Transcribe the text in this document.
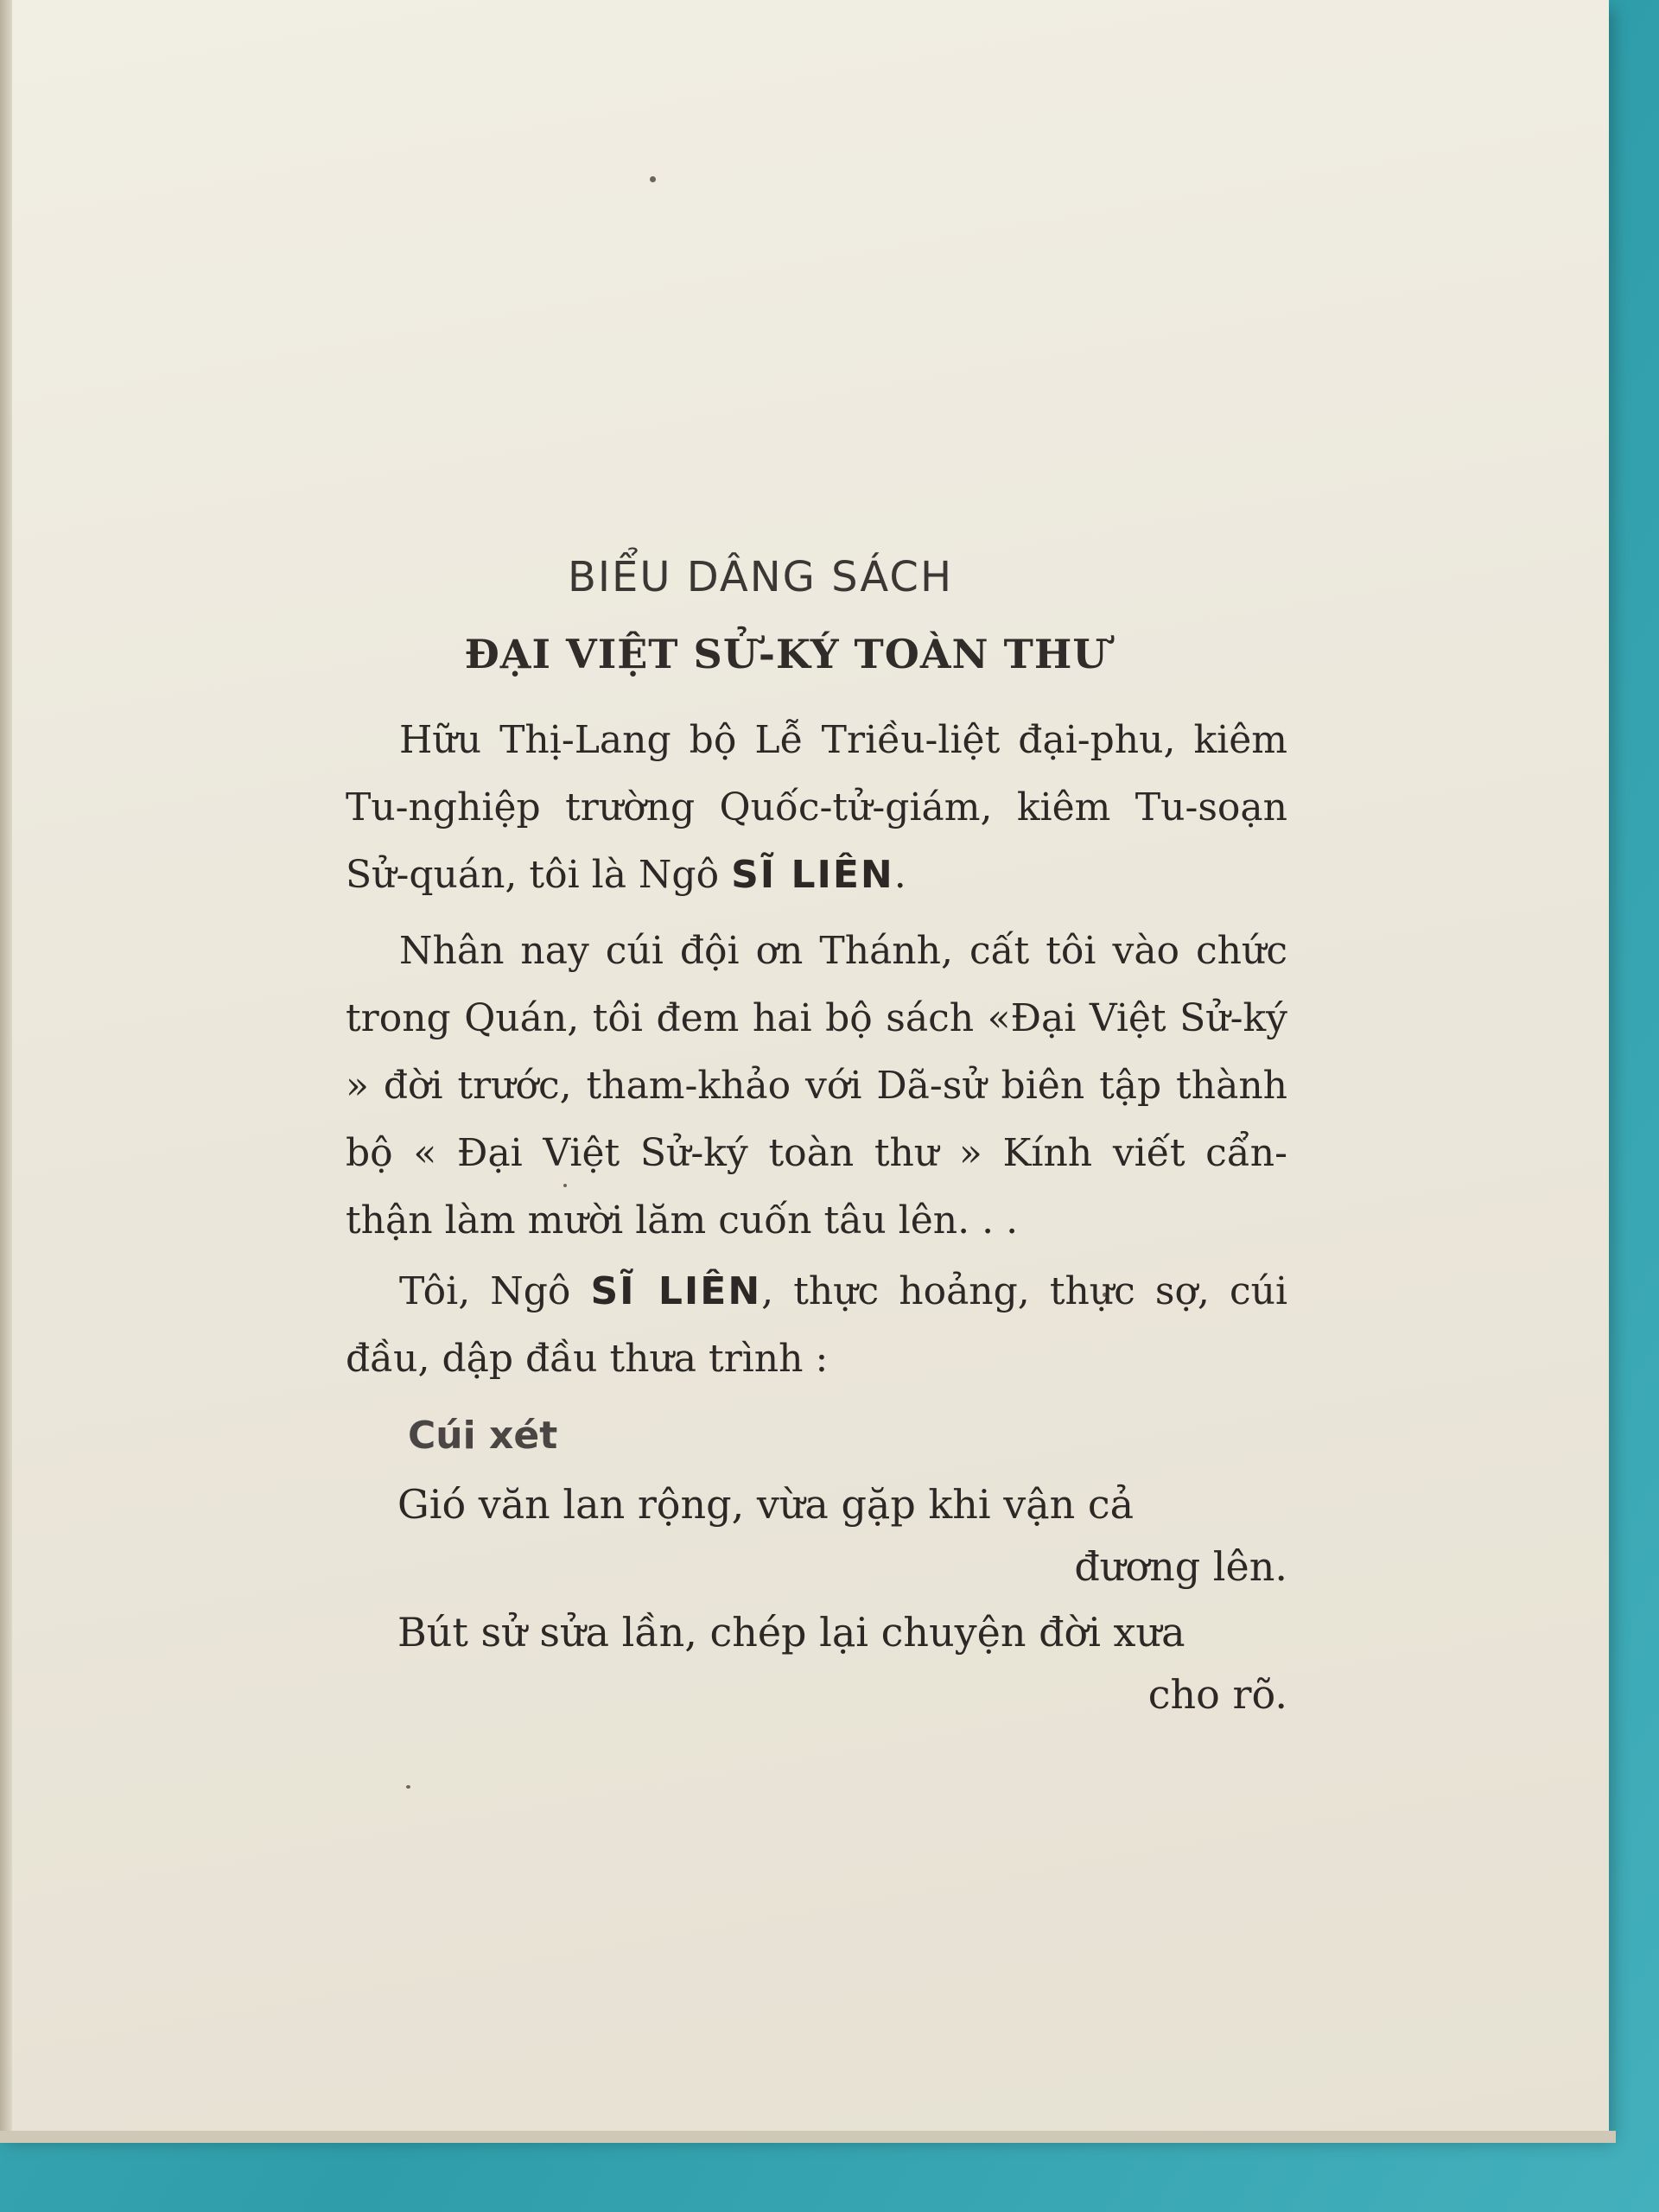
BIỂU DÂNG SÁCH
ĐẠI VIỆT SỬ-KÝ TOÀN THƯ

Hữu Thị-Lang bộ Lễ Triều-liệt đại-phu, kiêm Tu-nghiệp trường Quốc-tử-giám, kiêm Tu-soạn Sử-quán, tôi là Ngô SĨ LIÊN.

Nhân nay cúi đội ơn Thánh, cất tôi vào chức trong Quán, tôi đem hai bộ sách «Đại Việt Sử-ký » đời trước, tham-khảo với Dã-sử biên tập thành bộ « Đại Việt Sử-ký toàn thư » Kính viết cẩn-thận làm mười lăm cuốn tâu lên. . .

Tôi, Ngô SĨ LIÊN, thực hoảng, thực sợ, cúi đầu, dập đầu thưa trình :

Cúi xét
Gió văn lan rộng, vừa gặp khi vận cả
đương lên.
Bút sử sửa lần, chép lại chuyện đời xưa
cho rõ.
